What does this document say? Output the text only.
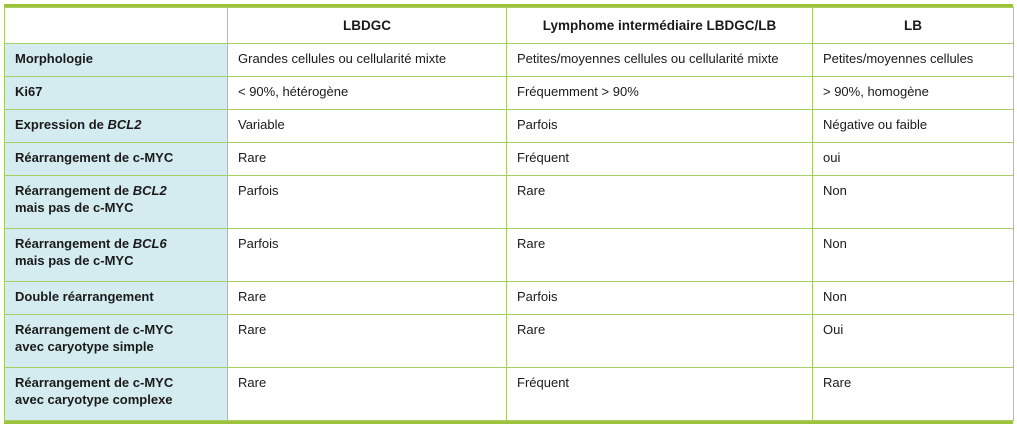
	LBDGC	Lymphome intermédiaire LBDGC/LB	LB
Morphologie	Grandes cellules ou cellularité mixte	Petites/moyennes cellules ou cellularité mixte	Petites/moyennes cellules
Ki67	< 90%, hétérogène	Fréquemment > 90%	> 90%, homogène
Expression de BCL2	Variable	Parfois	Négative ou faible
Réarrangement de c-MYC	Rare	Fréquent	oui
Réarrangement de BCL2
mais pas de c-MYC	Parfois	Rare	Non
Réarrangement de BCL6
mais pas de c-MYC	Parfois	Rare	Non
Double réarrangement	Rare	Parfois	Non
Réarrangement de c-MYC
avec caryotype simple	Rare	Rare	Oui
Réarrangement de c-MYC
avec caryotype complexe	Rare	Fréquent	Rare
